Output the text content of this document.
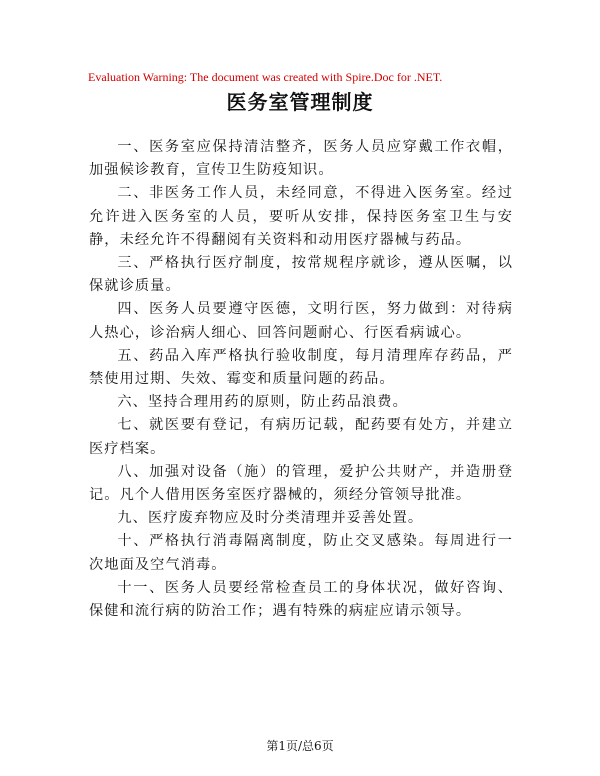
Evaluation Warning: The document was created with Spire.Doc for .NET.
医务室管理制度

一、医务室应保持清洁整齐，医务人员应穿戴工作衣帽，加强候诊教育，宣传卫生防疫知识。

二、非医务工作人员，未经同意，不得进入医务室。经过允许进入医务室的人员，要听从安排，保持医务室卫生与安静，未经允许不得翻阅有关资料和动用医疗器械与药品。

三、严格执行医疗制度，按常规程序就诊，遵从医嘱，以保就诊质量。

四、医务人员要遵守医德，文明行医，努力做到：对待病人热心，诊治病人细心、回答问题耐心、行医看病诚心。

五、药品入库严格执行验收制度，每月清理库存药品，严禁使用过期、失效、霉变和质量问题的药品。

六、坚持合理用药的原则，防止药品浪费。

七、就医要有登记，有病历记载，配药要有处方，并建立医疗档案。

八、加强对设备（施）的管理，爱护公共财产，并造册登记。凡个人借用医务室医疗器械的，须经分管领导批准。

九、医疗废弃物应及时分类清理并妥善处置。

十、严格执行消毒隔离制度，防止交叉感染。每周进行一次地面及空气消毒。

十一、医务人员要经常检查员工的身体状况，做好咨询、保健和流行病的防治工作；遇有特殊的病症应请示领导。

第1页/总6页
